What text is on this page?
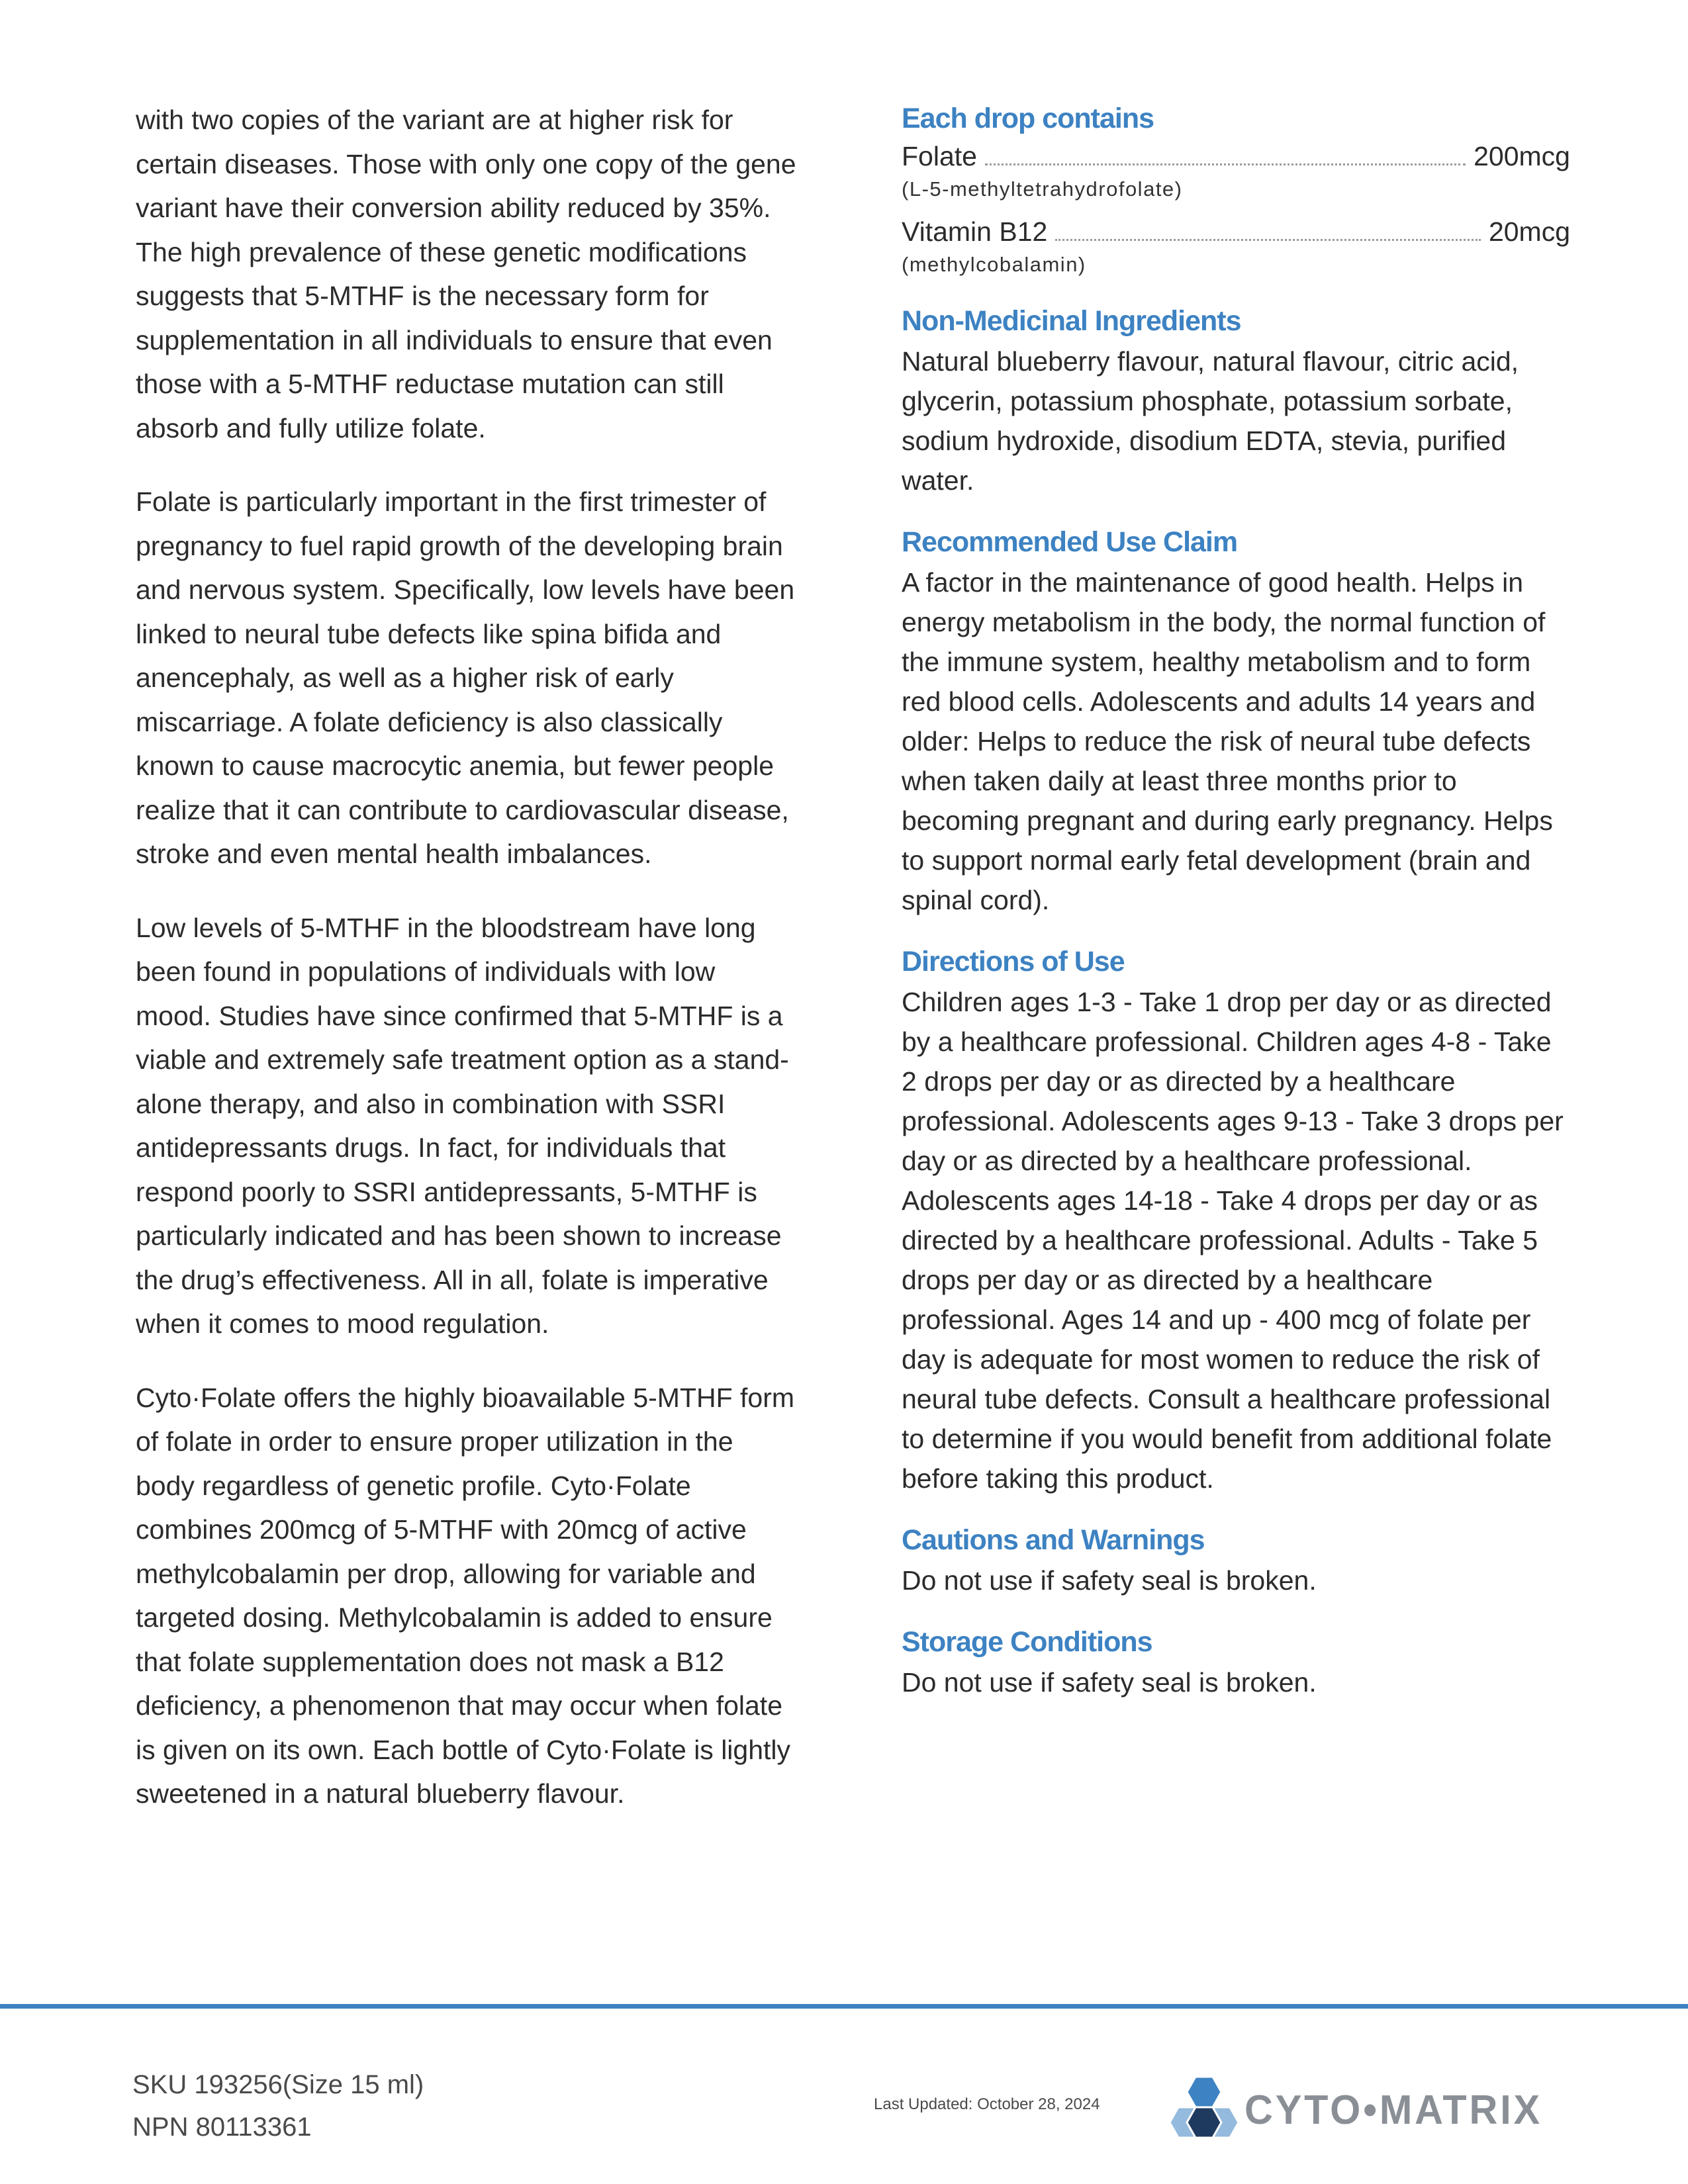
with two copies of the variant are at higher risk for certain diseases. Those with only one copy of the gene variant have their conversion ability reduced by 35%. The high prevalence of these genetic modifications suggests that 5-MTHF is the necessary form for supplementation in all individuals to ensure that even those with a 5-MTHF reductase mutation can still absorb and fully utilize folate.

Folate is particularly important in the first trimester of pregnancy to fuel rapid growth of the developing brain and nervous system. Specifically, low levels have been linked to neural tube defects like spina bifida and anencephaly, as well as a higher risk of early miscarriage. A folate deficiency is also classically known to cause macrocytic anemia, but fewer people realize that it can contribute to cardiovascular disease, stroke and even mental health imbalances.

Low levels of 5-MTHF in the bloodstream have long been found in populations of individuals with low mood. Studies have since confirmed that 5-MTHF is a viable and extremely safe treatment option as a stand-alone therapy, and also in combination with SSRI antidepressants drugs. In fact, for individuals that respond poorly to SSRI antidepressants, 5-MTHF is particularly indicated and has been shown to increase the drug’s effectiveness. All in all, folate is imperative when it comes to mood regulation.

Cyto·Folate offers the highly bioavailable 5-MTHF form of folate in order to ensure proper utilization in the body regardless of genetic profile. Cyto·Folate combines 200mcg of 5-MTHF with 20mcg of active methylcobalamin per drop, allowing for variable and targeted dosing. Methylcobalamin is added to ensure that folate supplementation does not mask a B12 deficiency, a phenomenon that may occur when folate is given on its own. Each bottle of Cyto·Folate is lightly sweetened in a natural blueberry flavour.

Each drop contains
Folate	200mcg
(L-5-methyltetrahydrofolate)
Vitamin B12	20mcg
(methylcobalamin)
Non-Medicinal Ingredients

Natural blueberry flavour, natural flavour, citric acid, glycerin, potassium phosphate, potassium sorbate, sodium hydroxide, disodium EDTA, stevia, purified water.

Recommended Use Claim

A factor in the maintenance of good health. Helps in energy metabolism in the body, the normal function of the immune system, healthy metabolism and to form red blood cells. Adolescents and adults 14 years and older: Helps to reduce the risk of neural tube defects when taken daily at least three months prior to becoming pregnant and during early pregnancy. Helps to support normal early fetal development (brain and spinal cord).

Directions of Use

Children ages 1-3 - Take 1 drop per day or as directed by a healthcare professional. Children ages 4-8 - Take 2 drops per day or as directed by a healthcare professional. Adolescents ages 9-13 - Take 3 drops per day or as directed by a healthcare professional. Adolescents ages 14-18 - Take 4 drops per day or as directed by a healthcare professional. Adults - Take 5 drops per day or as directed by a healthcare professional. Ages 14 and up - 400 mcg of folate per day is adequate for most women to reduce the risk of neural tube defects. Consult a healthcare professional to determine if you would benefit from additional folate before taking this product.

Cautions and Warnings

Do not use if safety seal is broken.

Storage Conditions

Do not use if safety seal is broken.

SKU 193256(Size 15 ml)
NPN 80113361
Last Updated: October 28, 2024	CYTO•MATRIX
